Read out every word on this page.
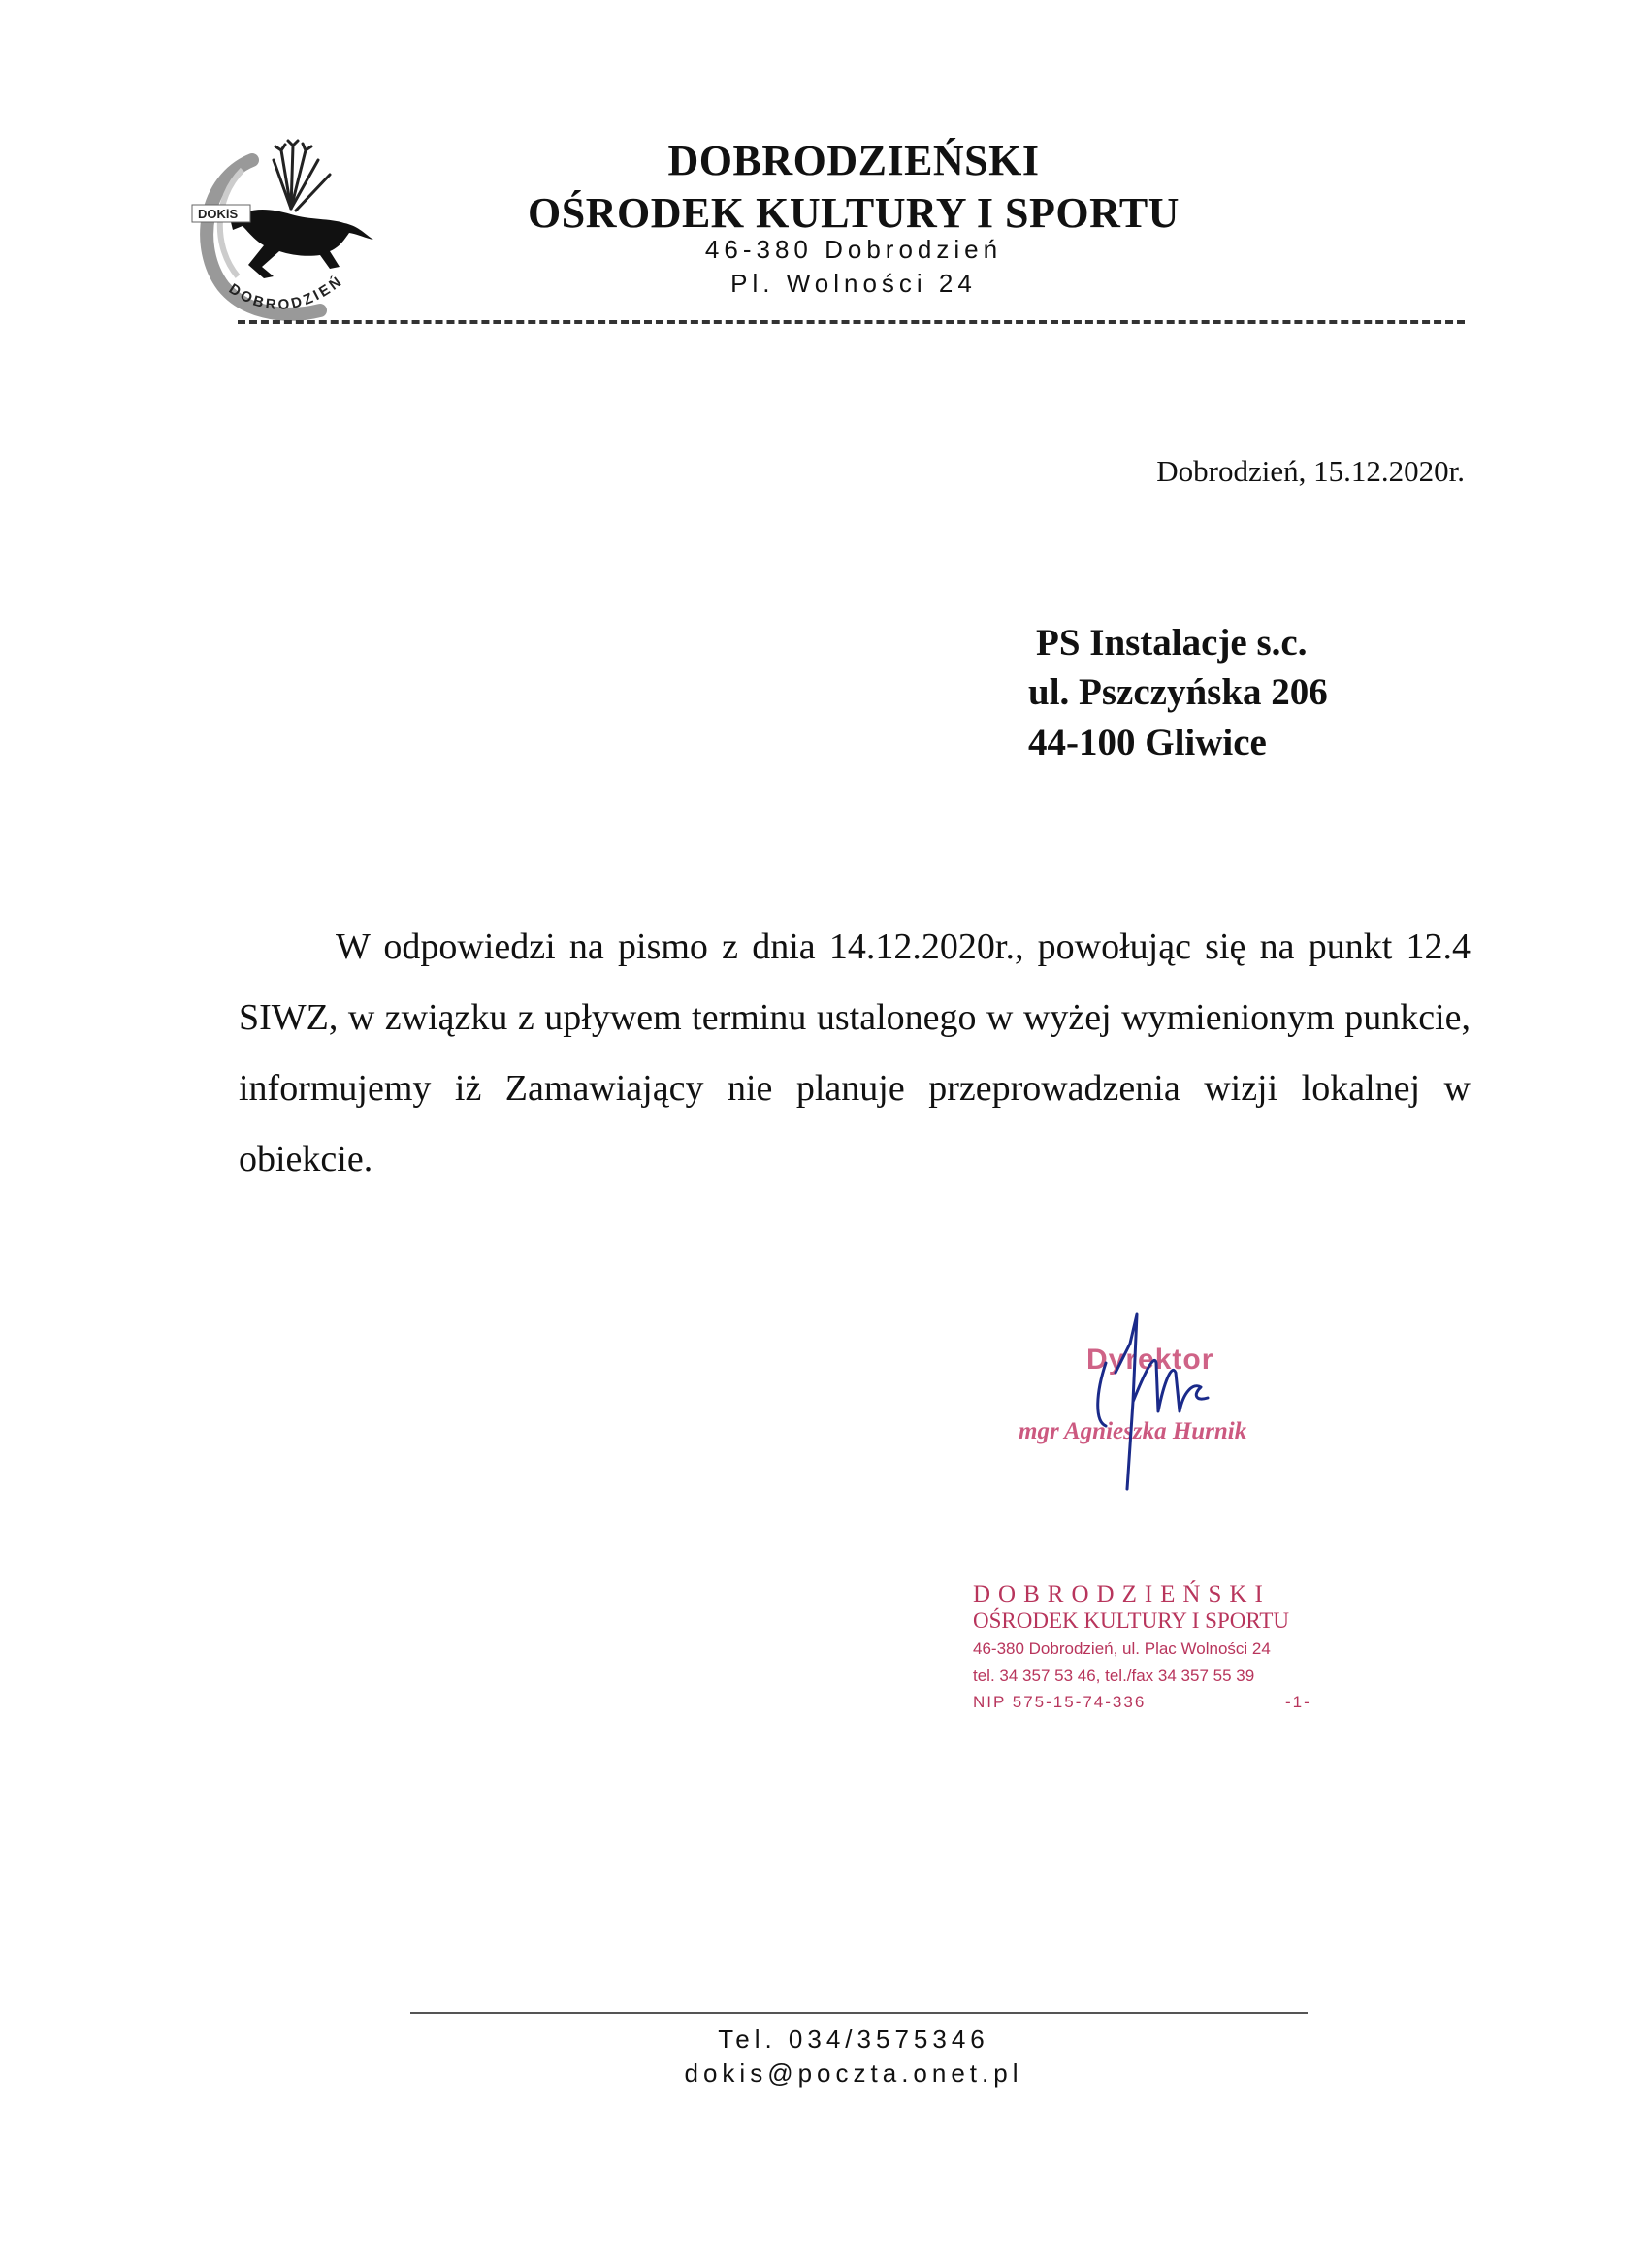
DOKiS
DOBRODZIEŃ
DOBRODZIEŃSKI
OŚRODEK KULTURY I SPORTU
46-380 Dobrodzień
Pl. Wolności 24
Dobrodzień, 15.12.2020r.
PS Instalacje s.c.
ul. Pszczyńska 206
44-100 Gliwice
W odpowiedzi na pismo z dnia 14.12.2020r., powołując się na punkt 12.4 SIWZ, w związku z upływem terminu ustalonego w wyżej wymienionym punkcie, informujemy iż Zamawiający nie planuje przeprowadzenia wizji lokalnej w obiekcie.
Dyrektor
mgr Agnieszka Hurnik
DOBRODZIEŃSKI
OŚRODEK KULTURY I SPORTU
46-380 Dobrodzień, ul. Plac Wolności 24
tel. 34 357 53 46, tel./fax 34 357 55 39
NIP 575-15-74-336	-1-
Tel. 034/3575346
dokis@poczta.onet.pl
